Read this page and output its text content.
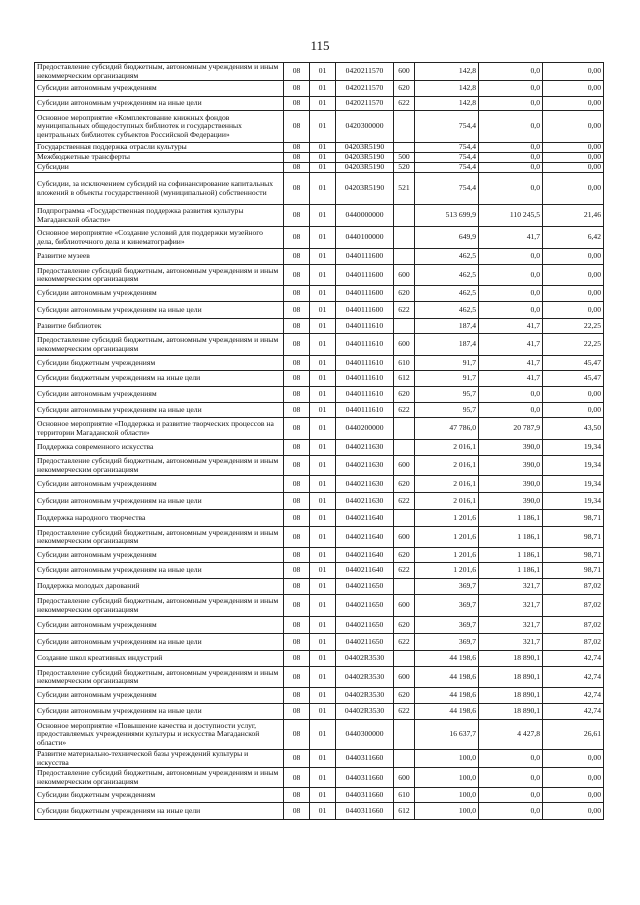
115
Предоставление субсидий бюджетным, автономным учреждениям и иным некоммерческим организациям	08	01	0420211570	600	142,8	0,0	0,00
Субсидии автономным учреждениям	08	01	0420211570	620	142,8	0,0	0,00
Субсидии автономным учреждениям на иные цели	08	01	0420211570	622	142,8	0,0	0,00
Основное мероприятие «Комплектование книжных фондов муниципальных общедоступных библиотек и государственных центральных библиотек субъектов Российской Федерации»	08	01	0420300000		754,4	0,0	0,00
Государственная поддержка отрасли культуры	08	01	04203R5190		754,4	0,0	0,00
Межбюджетные трансферты	08	01	04203R5190	500	754,4	0,0	0,00
Субсидии	08	01	04203R5190	520	754,4	0,0	0,00
Субсидии, за исключением субсидий на софинансирование капитальных вложений в объекты государственной (муниципальной) собственности	08	01	04203R5190	521	754,4	0,0	0,00
Подпрограмма «Государственная поддержка развития культуры Магаданской области»	08	01	0440000000		513 699,9	110 245,5	21,46
Основное мероприятие «Создание условий для поддержки музейного дела, библиотечного дела и кинематографии»	08	01	0440100000		649,9	41,7	6,42
Развитие музеев	08	01	0440111600		462,5	0,0	0,00
Предоставление субсидий бюджетным, автономным учреждениям и иным некоммерческим организациям	08	01	0440111600	600	462,5	0,0	0,00
Субсидии автономным учреждениям	08	01	0440111600	620	462,5	0,0	0,00
Субсидии автономным учреждениям на иные цели	08	01	0440111600	622	462,5	0,0	0,00
Развитие библиотек	08	01	0440111610		187,4	41,7	22,25
Предоставление субсидий бюджетным, автономным учреждениям и иным некоммерческим организациям	08	01	0440111610	600	187,4	41,7	22,25
Субсидии бюджетным учреждениям	08	01	0440111610	610	91,7	41,7	45,47
Субсидии бюджетным учреждениям на иные цели	08	01	0440111610	612	91,7	41,7	45,47
Субсидии автономным учреждениям	08	01	0440111610	620	95,7	0,0	0,00
Субсидии автономным учреждениям на иные цели	08	01	0440111610	622	95,7	0,0	0,00
Основное мероприятие «Поддержка и развитие творческих процессов на территории Магаданской области»	08	01	0440200000		47 786,0	20 787,9	43,50
Поддержка современного искусства	08	01	0440211630		2 016,1	390,0	19,34
Предоставление субсидий бюджетным, автономным учреждениям и иным некоммерческим организациям	08	01	0440211630	600	2 016,1	390,0	19,34
Субсидии автономным учреждениям	08	01	0440211630	620	2 016,1	390,0	19,34
Субсидии автономным учреждениям на иные цели	08	01	0440211630	622	2 016,1	390,0	19,34
Поддержка народного творчества	08	01	0440211640		1 201,6	1 186,1	98,71
Предоставление субсидий бюджетным, автономным учреждениям и иным некоммерческим организациям	08	01	0440211640	600	1 201,6	1 186,1	98,71
Субсидии автономным учреждениям	08	01	0440211640	620	1 201,6	1 186,1	98,71
Субсидии автономным учреждениям на иные цели	08	01	0440211640	622	1 201,6	1 186,1	98,71
Поддержка молодых дарований	08	01	0440211650		369,7	321,7	87,02
Предоставление субсидий бюджетным, автономным учреждениям и иным некоммерческим организациям	08	01	0440211650	600	369,7	321,7	87,02
Субсидии автономным учреждениям	08	01	0440211650	620	369,7	321,7	87,02
Субсидии автономным учреждениям на иные цели	08	01	0440211650	622	369,7	321,7	87,02
Создание школ креативных индустрий	08	01	04402R3530		44 198,6	18 890,1	42,74
Предоставление субсидий бюджетным, автономным учреждениям и иным некоммерческим организациям	08	01	04402R3530	600	44 198,6	18 890,1	42,74
Субсидии автономным учреждениям	08	01	04402R3530	620	44 198,6	18 890,1	42,74
Субсидии автономным учреждениям на иные цели	08	01	04402R3530	622	44 198,6	18 890,1	42,74
Основное мероприятие «Повышение качества и доступности услуг, предоставляемых учреждениями культуры и искусства Магаданской области»	08	01	0440300000		16 637,7	4 427,8	26,61
Развитие материально-технической базы учреждений культуры и искусства	08	01	0440311660		100,0	0,0	0,00
Предоставление субсидий бюджетным, автономным учреждениям и иным некоммерческим организациям	08	01	0440311660	600	100,0	0,0	0,00
Субсидии бюджетным учреждениям	08	01	0440311660	610	100,0	0,0	0,00
Субсидии бюджетным учреждениям на иные цели	08	01	0440311660	612	100,0	0,0	0,00
